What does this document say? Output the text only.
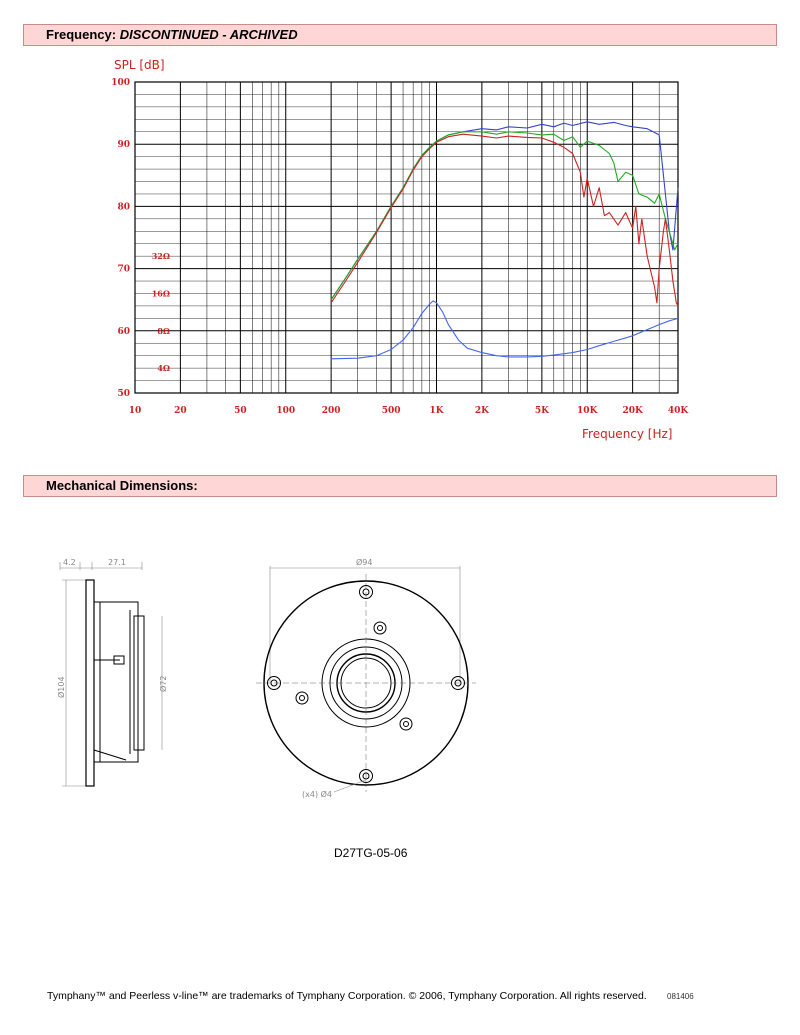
Frequency: DISCONTINUED - ARCHIVED
10	20	50	100	200	500	1K	2K	5K	10K	20K	40K
100
90
80
70
60
50
32Ω
16Ω
8Ω
4Ω
SPL [dB]
Frequency [Hz]
Mechanical Dimensions:
4.2	27.1
Ø104	Ø72
Ø94
(x4) Ø4
D27TG-05-06
Tymphany™ and Peerless v-line™ are trademarks of Tymphany Corporation. © 2006, Tymphany Corporation. All rights reserved.	081406
